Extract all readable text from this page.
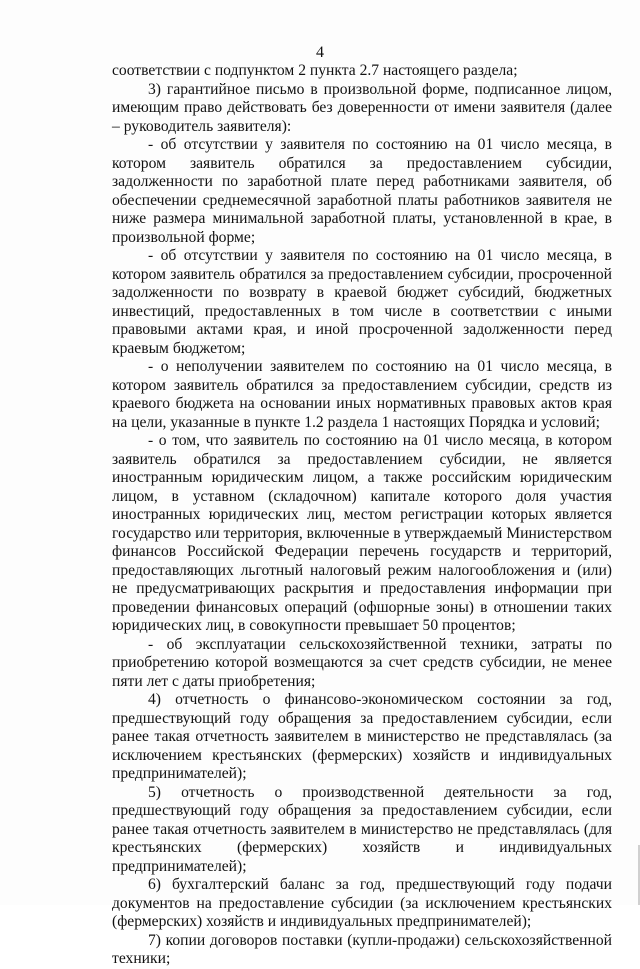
4

соответствии с подпунктом 2 пункта 2.7 настоящего раздела;

3) гарантийное письмо в произвольной форме, подписанное лицом, имеющим право действовать без доверенности от имени заявителя (далее – руководитель заявителя):

- об отсутствии у заявителя по состоянию на 01 число месяца, в котором заявитель обратился за предоставлением субсидии, задолженности по заработной плате перед работниками заявителя, об обеспечении среднемесячной заработной платы работников заявителя не ниже размера минимальной заработной платы, установленной в крае, в произвольной форме;

- об отсутствии у заявителя по состоянию на 01 число месяца, в котором заявитель обратился за предоставлением субсидии, просроченной задолженности по возврату в краевой бюджет субсидий, бюджетных инвестиций, предоставленных в том числе в соответствии с иными правовыми актами края, и иной просроченной задолженности перед краевым бюджетом;

- о неполучении заявителем по состоянию на 01 число месяца, в котором заявитель обратился за предоставлением субсидии, средств из краевого бюджета на основании иных нормативных правовых актов края на цели, указанные в пункте 1.2 раздела 1 настоящих Порядка и условий;

- о том, что заявитель по состоянию на 01 число месяца, в котором заявитель обратился за предоставлением субсидии, не является иностранным юридическим лицом, а также российским юридическим лицом, в уставном (складочном) капитале которого доля участия иностранных юридических лиц, местом регистрации которых является государство или территория, включенные в утверждаемый Министерством финансов Российской Федерации перечень государств и территорий, предоставляющих льготный налоговый режим налогообложения и (или) не предусматривающих раскрытия и предоставления информации при проведении финансовых операций (офшорные зоны) в отношении таких юридических лиц, в совокупности превышает 50 процентов;

- об эксплуатации сельскохозяйственной техники, затраты по приобретению которой возмещаются за счет средств субсидии, не менее пяти лет с даты приобретения;

4) отчетность о финансово-экономическом состоянии за год, предшествующий году обращения за предоставлением субсидии, если ранее такая отчетность заявителем в министерство не представлялась (за исключением крестьянских (фермерских) хозяйств и индивидуальных предпринимателей);

5) отчетность о производственной деятельности за год, предшествующий году обращения за предоставлением субсидии, если ранее такая отчетность заявителем в министерство не представлялась (для крестьянских (фермерских) хозяйств и индивидуальных предпринимателей);

6) бухгалтерский баланс за год, предшествующий году подачи документов на предоставление субсидии (за исключением крестьянских (фермерских) хозяйств и индивидуальных предпринимателей);

7) копии договоров поставки (купли-продажи) сельскохозяйственной техники;
